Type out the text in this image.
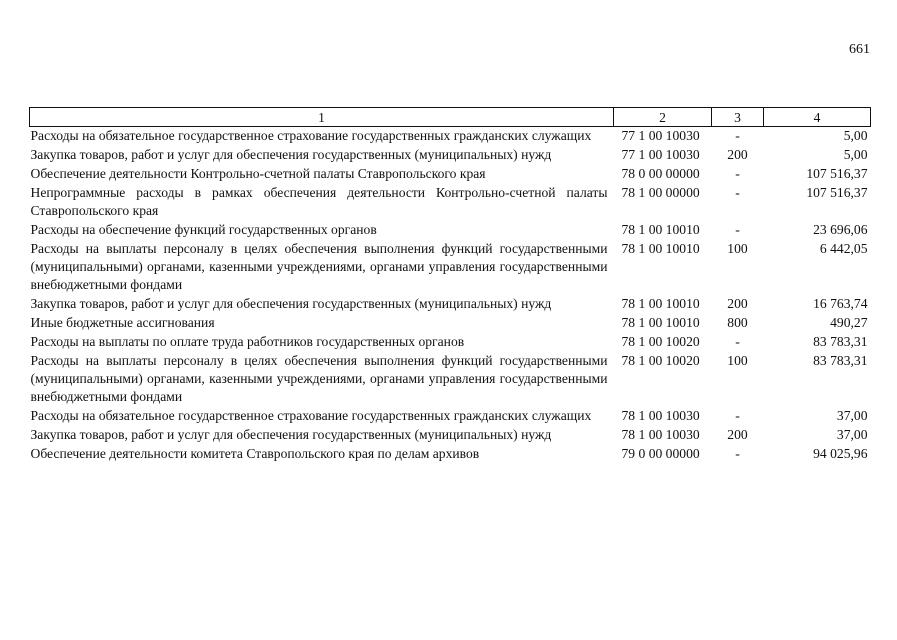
661
1	2	3	4
Расходы на обязательное государственное страхование государственных гражданских служащих	77 1 00 10030	-	5,00
Закупка товаров, работ и услуг для обеспечения государственных (муниципальных) нужд	77 1 00 10030	200	5,00
Обеспечение деятельности Контрольно-счетной палаты Ставропольского края	78 0 00 00000	-	107 516,37
Непрограммные расходы в рамках обеспечения деятельности Контрольно-счетной палаты Ставропольского края	78 1 00 00000	-	107 516,37
Расходы на обеспечение функций государственных органов	78 1 00 10010	-	23 696,06
Расходы на выплаты персоналу в целях обеспечения выполнения функций государственными (муниципальными) органами, казенными учреждениями, органами управления государственными внебюджетными фондами	78 1 00 10010	100	6 442,05
Закупка товаров, работ и услуг для обеспечения государственных (муниципальных) нужд	78 1 00 10010	200	16 763,74
Иные бюджетные ассигнования	78 1 00 10010	800	490,27
Расходы на выплаты по оплате труда работников государственных органов	78 1 00 10020	-	83 783,31
Расходы на выплаты персоналу в целях обеспечения выполнения функций государственными (муниципальными) органами, казенными учреждениями, органами управления государственными внебюджетными фондами	78 1 00 10020	100	83 783,31
Расходы на обязательное государственное страхование государственных гражданских служащих	78 1 00 10030	-	37,00
Закупка товаров, работ и услуг для обеспечения государственных (муниципальных) нужд	78 1 00 10030	200	37,00
Обеспечение деятельности комитета Ставропольского края по делам архивов	79 0 00 00000	-	94 025,96
